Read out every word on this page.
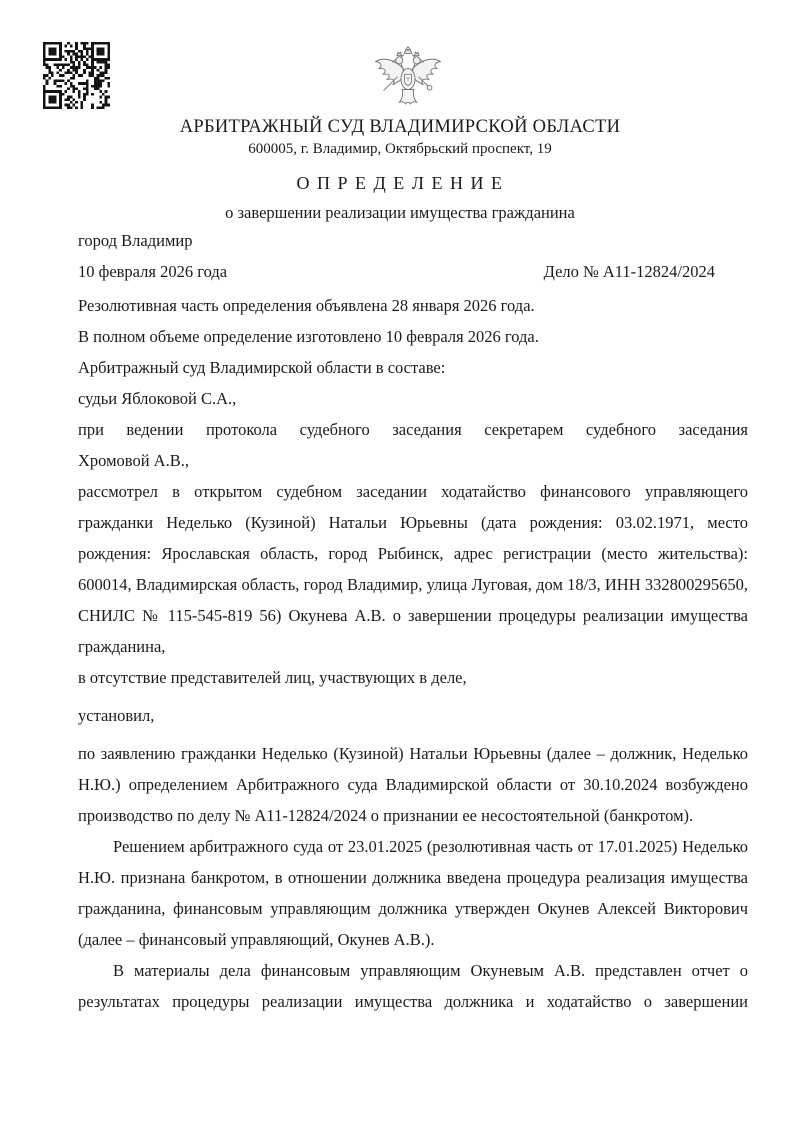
АРБИТРАЖНЫЙ СУД ВЛАДИМИРСКОЙ ОБЛАСТИ
600005, г. Владимир, Октябрьский проспект, 19
О П Р Е Д Е Л Е Н И Е
о завершении реализации имущества гражданина
город Владимир
10 февраля 2026 года	Дело № А11-12824/2024

Резолютивная часть определения объявлена 28 января 2026 года.

В полном объеме определение изготовлено 10 февраля 2026 года.

Арбитражный суд Владимирской области в составе:

судьи Яблоковой С.А.,

при ведении протокола судебного заседания секретарем судебного заседания

Хромовой А.В.,

рассмотрел в открытом судебном заседании ходатайство финансового управляющего гражданки Неделько (Кузиной) Натальи Юрьевны (дата рождения: 03.02.1971, место рождения: Ярославская область, город Рыбинск, адрес регистрации (место жительства): 600014, Владимирская область, город Владимир, улица Луговая, дом 18/3, ИНН 332800295650, СНИЛС № 115-545-819 56) Окунева А.В. о завершении процедуры реализации имущества гражданина,

в отсутствие представителей лиц, участвующих в деле,

установил,

по заявлению гражданки Неделько (Кузиной) Натальи Юрьевны (далее – должник, Неделько Н.Ю.) определением Арбитражного суда Владимирской области от 30.10.2024 возбуждено производство по делу № А11-12824/2024 о признании ее несостоятельной (банкротом).

Решением арбитражного суда от 23.01.2025 (резолютивная часть от 17.01.2025) Неделько Н.Ю. признана банкротом, в отношении должника введена процедура реализация имущества гражданина, финансовым управляющим должника утвержден Окунев Алексей Викторович (далее – финансовый управляющий, Окунев А.В.).

В материалы дела финансовым управляющим Окуневым А.В. представлен отчет о результатах процедуры реализации имущества должника и ходатайство о завершении
